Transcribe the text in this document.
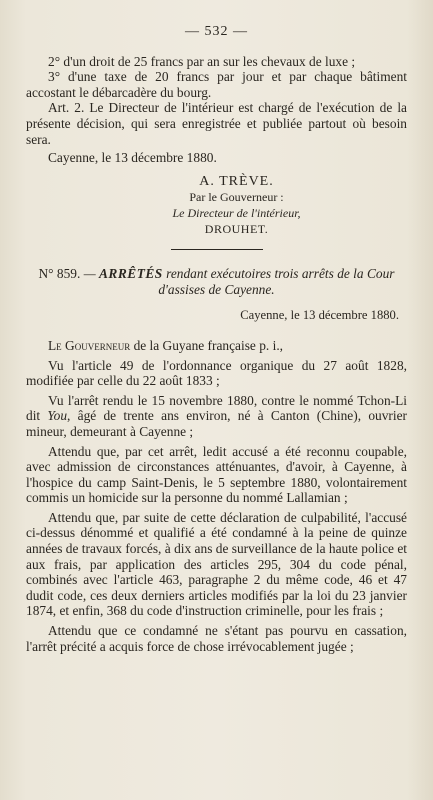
— 532 —

2° d'un droit de 25 francs par an sur les chevaux de luxe ;

3° d'une taxe de 20 francs par jour et par chaque bâtiment accostant le débarcadère du bourg.

Art. 2. Le Directeur de l'intérieur est chargé de l'exécution de la présente décision, qui sera enregistrée et publiée partout où besoin sera.

Cayenne, le 13 décembre 1880.

A. TRÈVE.
Par le Gouverneur :
Le Directeur de l'intérieur,
DROUHET.
N° 859. — ARRÊTÉS rendant exécutoires trois arrêts de la Cour d'assises de Cayenne.
Cayenne, le 13 décembre 1880.

Le Gouverneur de la Guyane française p. i.,

Vu l'article 49 de l'ordonnance organique du 27 août 1828, modifiée par celle du 22 août 1833 ;

Vu l'arrêt rendu le 15 novembre 1880, contre le nommé Tchon-Li dit You, âgé de trente ans environ, né à Canton (Chine), ouvrier mineur, demeurant à Cayenne ;

Attendu que, par cet arrêt, ledit accusé a été reconnu coupable, avec admission de circonstances atténuantes, d'avoir, à Cayenne, à l'hospice du camp Saint-Denis, le 5 septembre 1880, volontairement commis un homicide sur la personne du nommé Lallamian ;

Attendu que, par suite de cette déclaration de culpabilité, l'accusé ci-dessus dénommé et qualifié a été condamné à la peine de quinze années de travaux forcés, à dix ans de surveillance de la haute police et aux frais, par application des articles 295, 304 du code pénal, combinés avec l'article 463, paragraphe 2 du même code, 46 et 47 dudit code, ces deux derniers articles modifiés par la loi du 23 janvier 1874, et enfin, 368 du code d'instruction criminelle, pour les frais ;

Attendu que ce condamné ne s'étant pas pourvu en cassation, l'arrêt précité a acquis force de chose irrévocablement jugée ;
